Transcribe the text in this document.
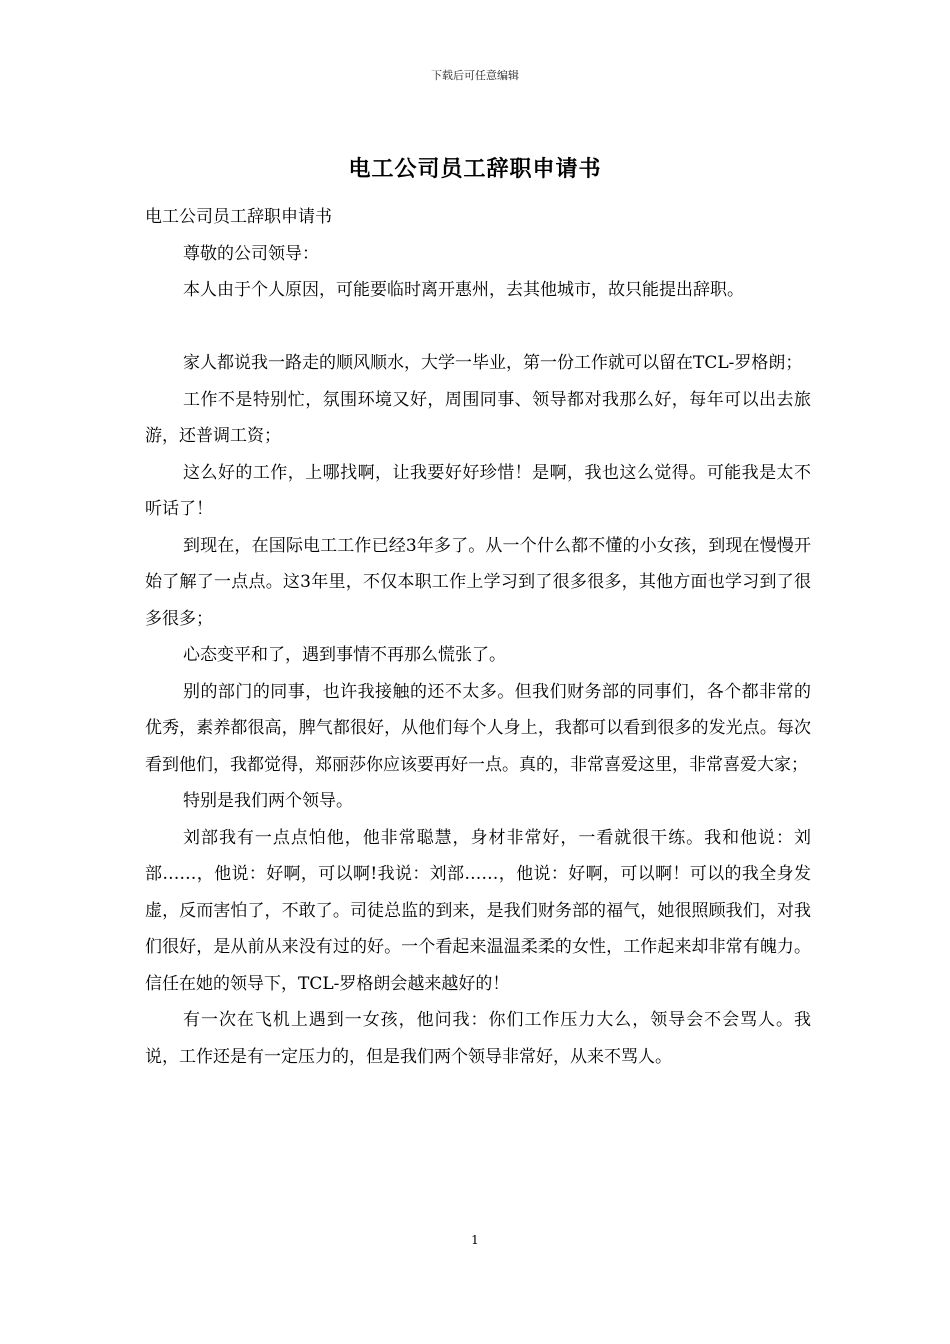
下载后可任意编辑
电工公司员工辞职申请书

电工公司员工辞职申请书

尊敬的公司领导：

本人由于个人原因，可能要临时离开惠州，去其他城市，故只能提出辞职。

家人都说我一路走的顺风顺水，大学一毕业，第一份工作就可以留在TCL-罗格朗；

工作不是特别忙，氛围环境又好，周围同事、领导都对我那么好，每年可以出去旅游，还普调工资；

这么好的工作，上哪找啊，让我要好好珍惜！是啊，我也这么觉得。可能我是太不听话了！

到现在，在国际电工工作已经3年多了。从一个什么都不懂的小女孩，到现在慢慢开始了解了一点点。这3年里，不仅本职工作上学习到了很多很多，其他方面也学习到了很多很多；

心态变平和了，遇到事情不再那么慌张了。

别的部门的同事，也许我接触的还不太多。但我们财务部的同事们，各个都非常的优秀，素养都很高，脾气都很好，从他们每个人身上，我都可以看到很多的发光点。每次看到他们，我都觉得，郑丽莎你应该要再好一点。真的，非常喜爱这里，非常喜爱大家；

特别是我们两个领导。

刘部我有一点点怕他，他非常聪慧，身材非常好，一看就很干练。我和他说：刘部……，他说：好啊，可以啊!我说：刘部……，他说：好啊，可以啊！可以的我全身发虚，反而害怕了，不敢了。司徒总监的到来，是我们财务部的福气，她很照顾我们，对我们很好，是从前从来没有过的好。一个看起来温温柔柔的女性，工作起来却非常有魄力。信任在她的领导下，TCL-罗格朗会越来越好的！

有一次在飞机上遇到一女孩，他问我：你们工作压力大么，领导会不会骂人。我说，工作还是有一定压力的，但是我们两个领导非常好，从来不骂人。

1
